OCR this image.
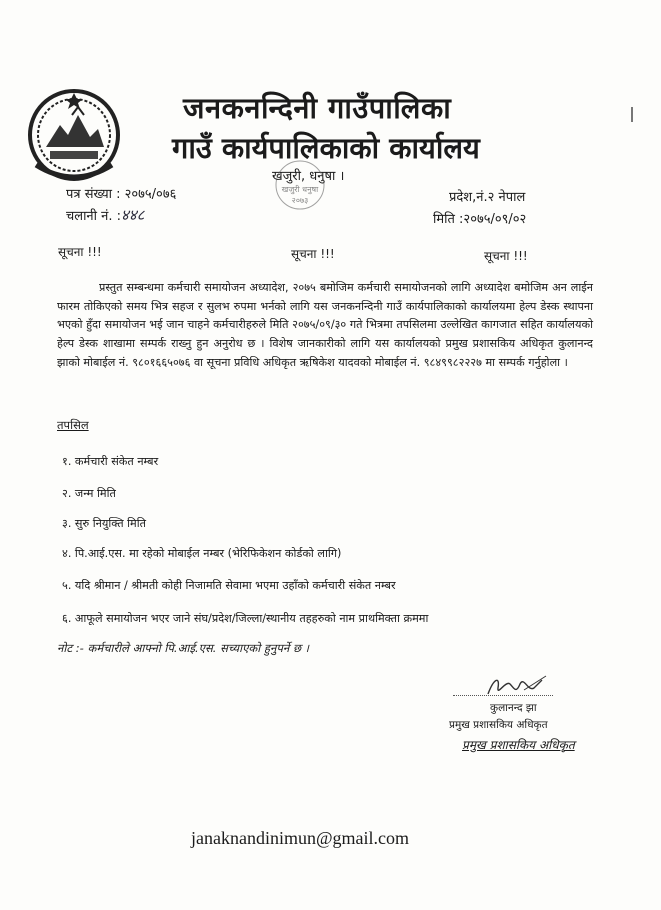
जनकनन्दिनी गाउँपालिका
गाउँ कार्यपालिकाको कार्यालय
खजुरी, धनुषा ।
खजुरी धनुषा
२०७३
पत्र संख्या : २०७५/०७६
चलानी नं. :४४८
प्रदेश,नं.२ नेपाल
मिति :२०७५/०९/०२
सूचना !!!	सूचना !!!	सूचना !!!

प्रस्तुत सम्बन्धमा कर्मचारी समायोजन अध्यादेश, २०७५ बमोजिम कर्मचारी समायोजनको लागि अध्यादेश बमोजिम अन लाईन फारम तोकिएको समय भित्र सहज र सुलभ रुपमा भर्नको लागि यस जनकनन्दिनी गाउँ कार्यपालिकाको कार्यालयमा हेल्प डेस्क स्थापना भएको हुँदा समायोजन भई जान चाहने कर्मचारीहरुले मिति २०७५/०९/३० गते भित्रमा तपसिलमा उल्लेखित कागजात सहित कार्यालयको हेल्प डेस्क शाखामा सम्पर्क राख्नु हुन अनुरोध छ । विशेष जानकारीको लागि यस कार्यालयको प्रमुख प्रशासकिय अधिकृत कुलानन्द झाको मोबाईल नं. ९८०१६६५०७६ वा सूचना प्रविधि अधिकृत ऋषिकेश यादवको मोबाईल नं. ९८४९९८२२२७ मा सम्पर्क गर्नुहोला ।

तपसिल
१. कर्मचारी संकेत नम्बर
२. जन्म मिति
३. सुरु नियुक्ति मिति
४. पि.आई.एस. मा रहेको मोबाईल नम्बर (भेरिफिकेशन कोर्डको लागि)
५. यदि श्रीमान / श्रीमती कोही निजामति सेवामा भएमा उहाँको कर्मचारी संकेत नम्बर
६. आफूले समायोजन भएर जाने संघ/प्रदेश/जिल्ला/स्थानीय तहहरुको नाम प्राथमिक्ता क्रममा
नोट :- कर्मचारीले आफ्नो पि.आई.एस. सच्याएको हुनुपर्ने छ ।
कुलानन्द झा
प्रमुख प्रशासकिय अधिकृत
प्रमुख प्रशासकिय अधिकृत
janaknandinimun@gmail.com
